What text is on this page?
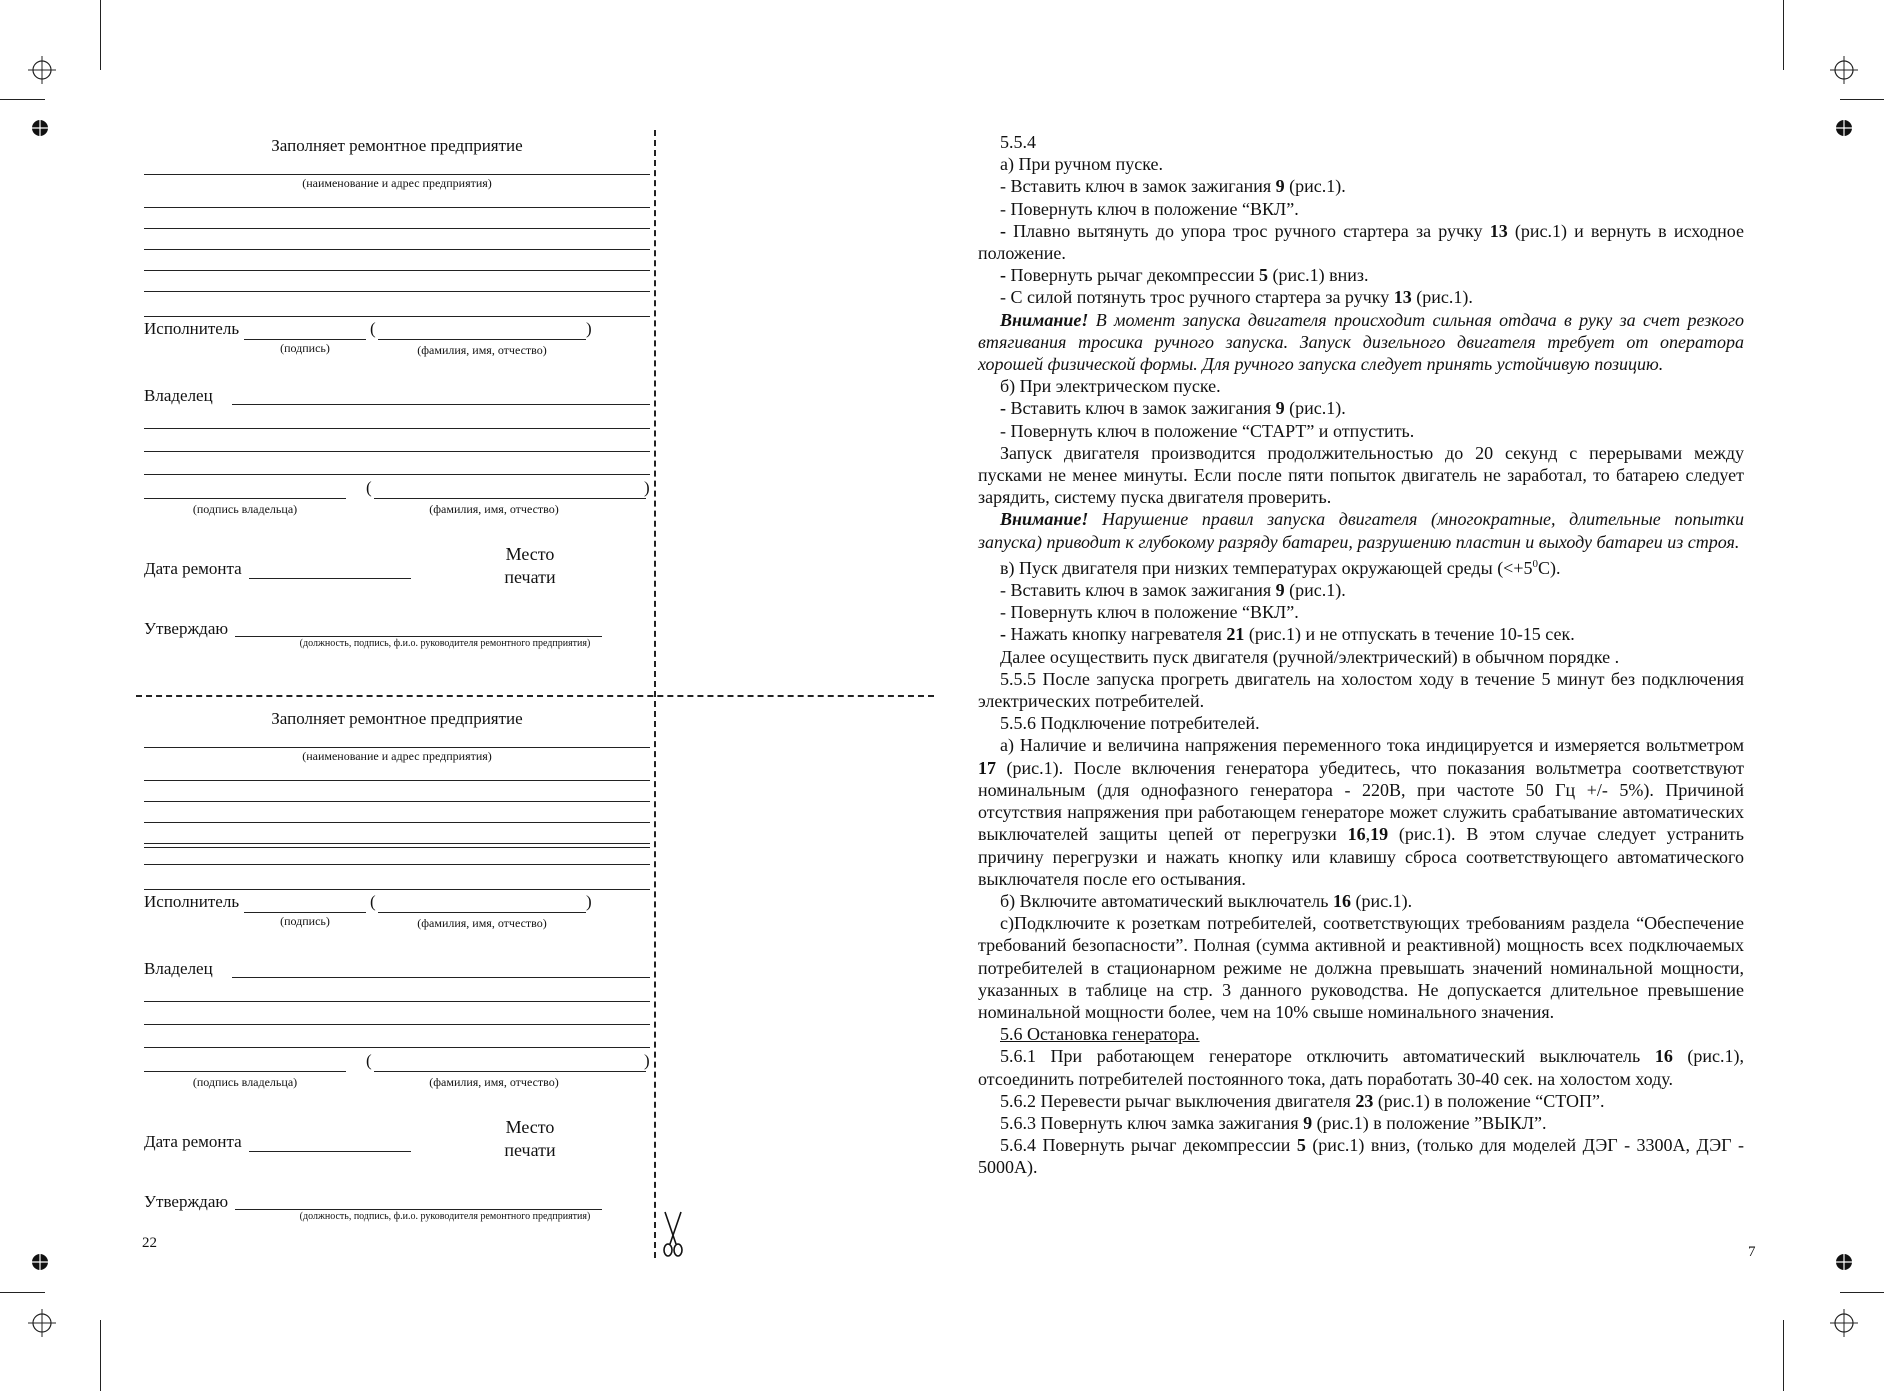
Заполняет ремонтное предприятие
(наименование и адрес предприятия)
Исполнитель	(	)
(подпись)	(фамилия, имя, отчество)
Владелец
(	)
(подпись владельца)	(фамилия, имя, отчество)
Дата ремонта
Место
печати
Утверждаю
(должность, подпись, ф.и.о. руководителя ремонтного предприятия)
Заполняет ремонтное предприятие
(наименование и адрес предприятия)
Исполнитель	(	)
(подпись)	(фамилия, имя, отчество)
Владелец
(	)
(подпись владельца)	(фамилия, имя, отчество)
Дата ремонта
Место
печати
Утверждаю
(должность, подпись, ф.и.о. руководителя ремонтного предприятия)
22

5.5.4

а) При ручном пуске.

- Вставить ключ в замок зажигания 9 (рис.1).

- Повернуть ключ в положение “ВКЛ”.

- Плавно вытянуть до упора трос ручного стартера за ручку 13 (рис.1) и вернуть в исходное положение.

- Повернуть рычаг декомпрессии 5 (рис.1) вниз.

- С силой потянуть трос ручного стартера за ручку 13 (рис.1).

Внимание! В момент запуска двигателя происходит сильная отдача в руку за счет резкого втягивания тросика ручного запуска. Запуск дизельного двигателя требует от оператора хорошей физической формы. Для ручного запуска следует принять устойчивую позицию.

б) При электрическом пуске.

- Вставить ключ в замок зажигания 9 (рис.1).

- Повернуть ключ в положение “СТАРТ” и отпустить.

Запуск двигателя производится продолжительностью до 20 секунд с перерывами между пусками не менее минуты. Если после пяти попыток двигатель не заработал, то батарею следует зарядить, систему пуска двигателя проверить.

Внимание! Нарушение правил запуска двигателя (многократные, длительные попытки запуска) приводит к глубокому разряду батареи, разрушению пластин и выходу батареи из строя.

в) Пуск двигателя при низких температурах окружающей среды $(<+5^0С)$.

- Вставить ключ в замок зажигания 9 (рис.1).

- Повернуть ключ в положение “ВКЛ”.

- Нажать кнопку нагревателя 21 (рис.1) и не отпускать в течение 10-15 сек.

Далее осуществить пуск двигателя (ручной/электрический) в обычном порядке .

5.5.5 После запуска прогреть двигатель на холостом ходу в течение 5 минут без подключения электрических потребителей.

5.5.6 Подключение потребителей.

а) Наличие и величина напряжения переменного тока индицируется и измеряется вольтметром 17 (рис.1). После включения генератора убедитесь, что показания вольтметра соответствуют номинальным (для однофазного генератора - 220В, при частоте 50 Гц +/- 5%). Причиной отсутствия напряжения при работающем генераторе может служить срабатывание автоматических выключателей защиты цепей от перегрузки 16,19 (рис.1). В этом случае следует устранить причину перегрузки и нажать кнопку или клавишу сброса соответствующего автоматического выключателя после его остывания.

б) Включите автоматический выключатель 16 (рис.1).

с)Подключите к розеткам потребителей, соответствующих требованиям раздела “Обеспечение требований безопасности”. Полная (сумма активной и реактивной) мощность всех подключаемых потребителей в стационарном режиме не должна превышать значений номинальной мощности, указанных в таблице на стр. 3 данного руководства. Не допускается длительное превышение номинальной мощности более, чем на 10% свыше номинального значения.

5.6 Остановка генератора.

5.6.1 При работающем генераторе отключить автоматический выключатель 16 (рис.1), отсоединить потребителей постоянного тока, дать поработать 30-40 сек. на холостом ходу.

5.6.2 Перевести рычаг выключения двигателя 23 (рис.1) в положение “СТОП”.

5.6.3 Повернуть ключ замка зажигания 9 (рис.1) в положение ”ВЫКЛ”.

5.6.4 Повернуть рычаг декомпрессии 5 (рис.1) вниз, (только для моделей ДЭГ - 3300А, ДЭГ - 5000А).

7
